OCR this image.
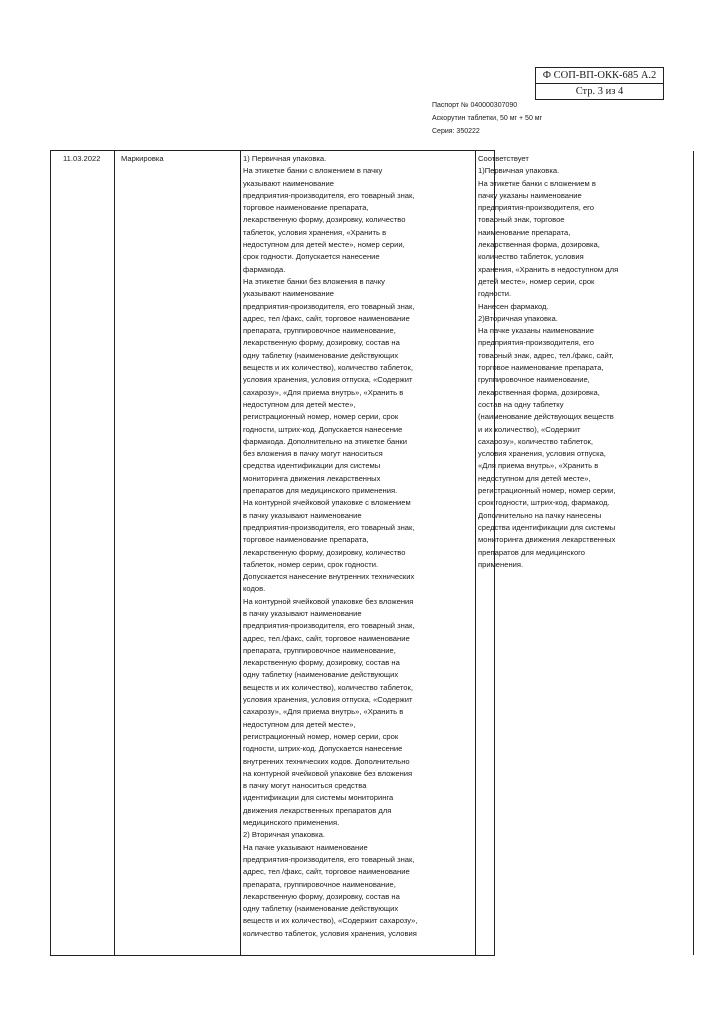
Ф СОП-ВП-ОКК-685 А.2
Стр. 3 из 4
Паспорт № 040000307090
Аскорутин таблетки, 50 мг + 50 мг
Серия: 350222
11.03.2022	Маркировка	1) Первичная упаковка.
На этикетке банки с вложением в пачку
указывают наименование
предприятия-производителя, его товарный знак,
торговое наименование препарата,
лекарственную форму, дозировку, количество
таблеток, условия хранения, «Хранить в
недоступном для детей месте», номер серии,
срок годности. Допускается нанесение
фармакода.
На этикетке банки без вложения в пачку
указывают наименование
предприятия-производителя, его товарный знак,
адрес, тел /факс, сайт, торговое наименование
препарата, группировочное наименование,
лекарственную форму, дозировку, состав на
одну таблетку (наименование действующих
веществ и их количество), количество таблеток,
условия хранения, условия отпуска, «Содержит
сахарозу», «Для приема внутрь», «Хранить в
недоступном для детей месте»,
регистрационный номер, номер серии, срок
годности, штрих-код. Допускается нанесение
фармакода. Дополнительно на этикетке банки
без вложения в пачку могут наноситься
средства идентификации для системы
мониторинга движения лекарственных
препаратов для медицинского применения.
На контурной ячейковой упаковке с вложением
в пачку указывают наименование
предприятия-производителя, его товарный знак,
торговое наименование препарата,
лекарственную форму, дозировку, количество
таблеток, номер серии, срок годности.
Допускается нанесение внутренних технических
кодов.
На контурной ячейковой упаковке без вложения
в пачку указывают наименование
предприятия-производителя, его товарный знак,
адрес, тел./факс, сайт, торговое наименование
препарата, группировочное наименование,
лекарственную форму, дозировку, состав на
одну таблетку (наименование действующих
веществ и их количество), количество таблеток,
условия хранения, условия отпуска, «Содержит
сахарозу», «Для приема внутрь», «Хранить в
недоступном для детей месте»,
регистрационный номер, номер серии, срок
годности, штрих-код. Допускается нанесение
внутренних технических кодов. Дополнительно
на контурной ячейковой упаковке без вложения
в пачку могут наноситься средства
идентификации для системы мониторинга
движения лекарственных препаратов для
медицинского применения.
2) Вторичная упаковка.
На пачке указывают наименование
предприятия-производителя, его товарный знак,
адрес, тел /факс, сайт, торговое наименование
препарата, группировочное наименование,
лекарственную форму, дозировку, состав на
одну таблетку (наименование действующих
веществ и их количество), «Содержит сахарозу»,
количество таблеток, условия хранения, условия
Соответствует
1)Первичная упаковка.
На этикетке банки с вложением в
пачку указаны наименование
предприятия-производителя, его
товарный знак, торговое
наименование препарата,
лекарственная форма, дозировка,
количество таблеток, условия
хранения, «Хранить в недоступном для
детей месте», номер серии, срок
годности.
Нанесен фармакод.
2)Вторичная упаковка.
На пачке указаны наименование
предприятия-производителя, его
товарный знак, адрес, тел./факс, сайт,
торговое наименование препарата,
группировочное наименование,
лекарственная форма, дозировка,
состав на одну таблетку
(наименование действующих веществ
и их количество), «Содержит
сахарозу», количество таблеток,
условия хранения, условия отпуска,
«Для приема внутрь», «Хранить в
недоступном для детей месте»,
регистрационный номер, номер серии,
срок годности, штрих-код, фармакод.
Дополнительно на пачку нанесены
средства идентификации для системы
мониторинга движения лекарственных
препаратов для медицинского
применения.
